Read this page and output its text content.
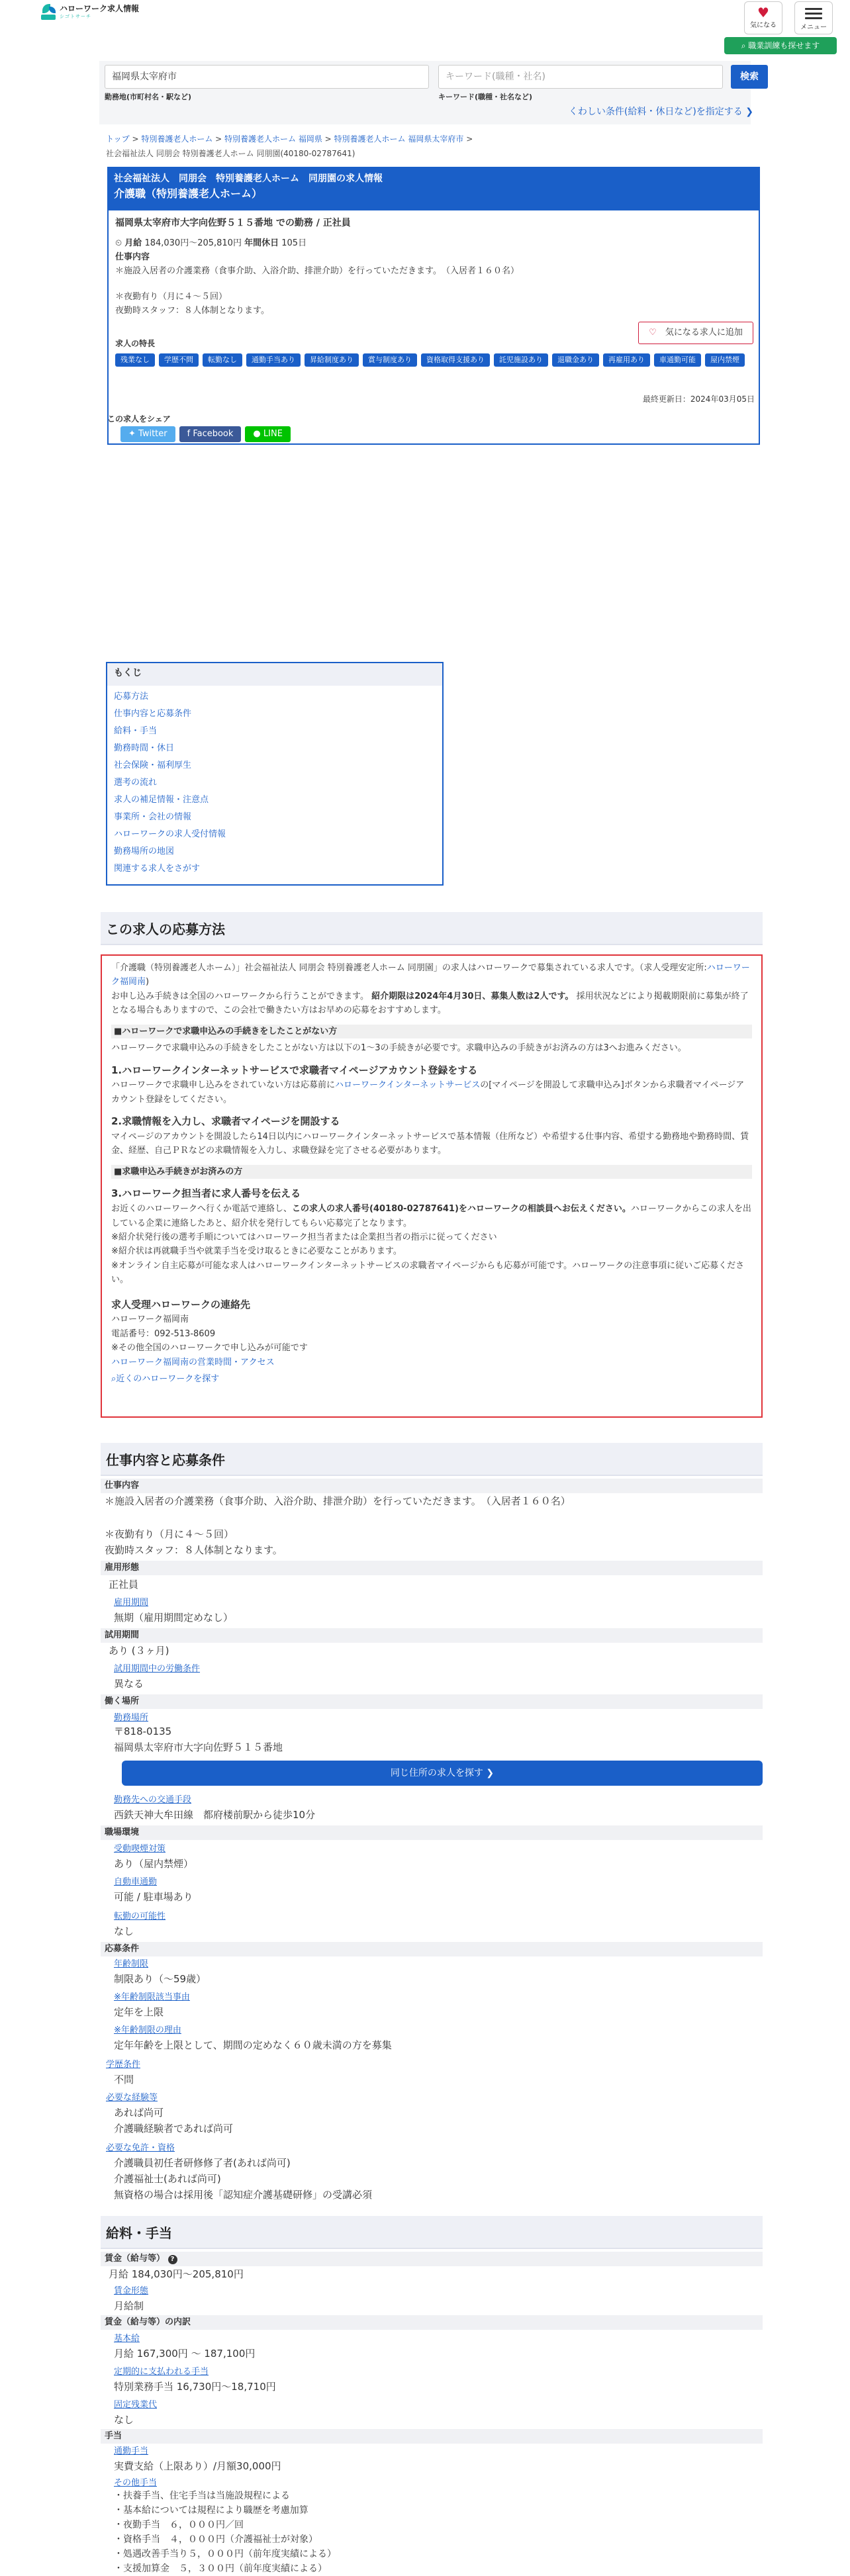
ハローワーク求人情報
シゴトサーチ	♥
気になる	メニュー
⌕ 職業訓練も探せます
福岡県太宰府市
勤務地(市町村名・駅など)
キーワード(職種・社名)
キーワード(職種・社名など)
検索
くわしい条件(給料・休日など)を指定する ❯
トップ > 特別養護老人ホーム > 特別養護老人ホーム 福岡県 > 特別養護老人ホーム 福岡県太宰府市 >
社会福祉法人 同朋会 特別養護老人ホーム 同朋園(40180-02787641)
社会福祉法人　同朋会　特別養護老人ホーム　同朋園の求人情報
介護職（特別養護老人ホーム）
福岡県太宰府市大字向佐野５１５番地 での勤務 / 正社員
⏲ 月給 184,030円〜205,810円 年間休日 105日
仕事内容
＊施設入居者の介護業務（食事介助、入浴介助、排泄介助）を行っていただきます。　（入居者１６０名）
＊夜勤有り（月に４〜５回）
夜勤時スタッフ：８人体制となります。
求人の特長
残業なし	学歴不問	転勤なし	通勤手当あり	昇給制度あり	賞与制度あり	資格取得支援あり	託児施設あり	退職金あり	再雇用あり	車通勤可能	屋内禁煙
♡　 気になる求人に追加
最終更新日：2024年03月05日
この求人をシェア
✦ Twitter	f Facebook	● LINE
もくじ
応募方法
仕事内容と応募条件
給料・手当
勤務時間・休日
社会保険・福利厚生
選考の流れ
求人の補足情報・注意点
事業所・会社の情報
ハローワークの求人受付情報
勤務場所の地図
関連する求人をさがす
この求人の応募方法
「介護職（特別養護老人ホーム）」社会福祉法人 同朋会 特別養護老人ホーム 同朋園」の求人はハローワークで募集されている求人です。（求人受理安定所:ハローワーク福岡南)
お申し込み手続きは全国のハローワークから行うことができます。 紹介期限は2024年4月30日、募集人数は2人です。 採用状況などにより掲載期限前に募集が終了となる場合もありますので、この会社で働きたい方はお早めの応募をおすすめします。
■ハローワークで求職申込みの手続きをしたことがない方
ハローワークで求職申込みの手続きをしたことがない方は以下の1〜3の手続きが必要です。求職申込みの手続きがお済みの方は3へお進みください。
1.ハローワークインターネットサービスで求職者マイページアカウント登録をする
ハローワークで求職申し込みをされていない方は応募前にハローワークインターネットサービスの[マイページを開設して求職申込み]ボタンから求職者マイページアカウント登録をしてください。
2.求職情報を入力し、求職者マイページを開設する
マイページのアカウントを開設したら14日以内にハローワークインターネットサービスで基本情報（住所など）や希望する仕事内容、希望する勤務地や勤務時間、賃金、経歴、自己ＰＲなどの求職情報を入力し、求職登録を完了させる必要があります。
■求職申込み手続きがお済みの方
3.ハローワーク担当者に求人番号を伝える
お近くのハローワークへ行くか電話で連絡し、この求人の求人番号(40180-02787641)をハローワークの相談員へお伝えください。ハローワークからこの求人を出している企業に連絡したあと、紹介状を発行してもらい応募完了となります。
※紹介状発行後の選考手順についてはハローワーク担当者または企業担当者の指示に従ってください
※紹介状は再就職手当や就業手当を受け取るときに必要なことがあります。
※オンライン自主応募が可能な求人はハローワークインターネットサービスの求職者マイページからも応募が可能です。ハローワークの注意事項に従いご応募ください。
求人受理ハローワークの連絡先
ハローワーク福岡南
電話番号：092-513-8609
※その他全国のハローワークで申し込みが可能です
ハローワーク福岡南の営業時間・アクセス
⌕近くのハローワークを探す
仕事内容と応募条件
仕事内容
＊施設入居者の介護業務（食事介助、入浴介助、排泄介助）を行っていただきます。　（入居者１６０名）
＊夜勤有り（月に４〜５回）
夜勤時スタッフ：８人体制となります。
雇用形態
正社員
雇用期間
無期（雇用期間定めなし）
試用期間
あり (３ヶ月)
試用期間中の労働条件
異なる
働く場所
勤務場所
〒818-0135
福岡県太宰府市大字向佐野５１５番地
同じ住所の求人を探す ❯
勤務先への交通手段
西鉄天神大牟田線　都府楼前駅から徒歩10分
職場環境
受動喫煙対策
あり（屋内禁煙）
自動車通勤
可能 / 駐車場あり
転勤の可能性
なし
応募条件
年齢制限
制限あり（〜59歳）
※年齢制限該当事由
定年を上限
※年齢制限の理由
定年年齢を上限として、期間の定めなく６０歳未満の方を募集
学歴条件
不問
必要な経験等
あれば尚可
介護職経験者であれば尚可
必要な免許・資格
介護職員初任者研修修了者(あれば尚可)
介護福祉士(あれば尚可)
無資格の場合は採用後「認知症介護基礎研修」の受講必須
給料・手当
賃金（給与等） ?
月給 184,030円〜205,810円
賃金形態
月給制
賃金（給与等）の内訳
基本給
月給 167,300円 〜 187,100円
定期的に支払われる手当
特別業務手当 16,730円〜18,710円
固定残業代
なし
手当
通勤手当
実費支給（上限あり）/月額30,000円
その他手当
・扶養手当、住宅手当は当施設規程による
・基本給については規程により職歴を考慮加算
・夜勤手当　６，０００円／回
・資格手当　４，０００円（介護福祉士が対象）
・処遇改善手当り５，０００円（前年度実績による）
・支援加算金　５，３００円（前年度実績による）
